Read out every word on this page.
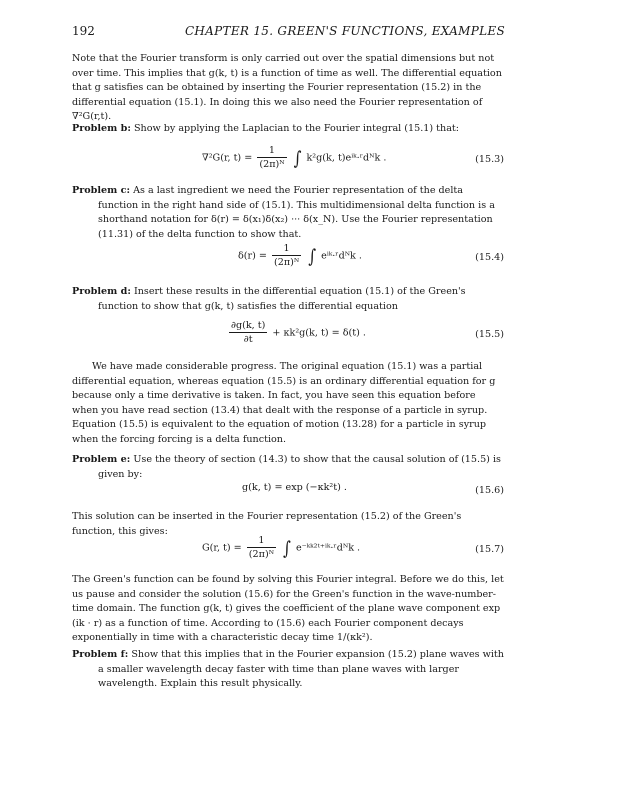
192	CHAPTER 15. GREEN'S FUNCTIONS, EXAMPLES
Note that the Fourier transform is only carried out over the spatial dimensions but not over time. This implies that g(k, t) is a function of time as well. The differential equation that g satisfies can be obtained by inserting the Fourier representation (15.2) in the differential equation (15.1). In doing this we also need the Fourier representation of ∇²G(r,t).
Problem b: Show by applying the Laplacian to the Fourier integral (15.1) that:
∇²G(r, $t) = \frac{1}{\text{(2π)ᴺ}}$ ∫ k²g(k, t)eⁱᵏ·ʳdᴺk .	(15.3)
Problem c: As a last ingredient we need the Fourier representation of the delta function in the right hand side of (15.1). This multidimensional delta function is a shorthand notation for δ(r) = δ(x₁)δ(x₂) ··· δ(x_N). Use the Fourier representation (11.31) of the delta function to show that.
$\delta(r) = \frac{1}{\text{(2π)ᴺ}}$ ∫ eⁱᵏ·ʳdᴺk .	(15.4)
Problem d: Insert these results in the differential equation (15.1) of the Green's function to show that g(k, t) satisfies the differential equation
$\frac{\partial g(k, t)}{\partial t} + \kappa k^2g(k$, t) = δ(t) .	(15.5)
We have made considerable progress. The original equation (15.1) was a partial differential equation, whereas equation (15.5) is an ordinary differential equation for g because only a time derivative is taken. In fact, you have seen this equation before when you have read section (13.4) that dealt with the response of a particle in syrup. Equation (15.5) is equivalent to the equation of motion (13.28) for a particle in syrup when the forcing forcing is a delta function.
Problem e: Use the theory of section (14.3) to show that the causal solution of (15.5) is given by:
g(k, t) = exp (−κk²t) .	(15.6)
This solution can be inserted in the Fourier representation (15.2) of the Green's function, this gives:
G(r, $t) = \frac{1}{\text{(2π)ᴺ}}$ ∫ e⁻ᵏᵏ²ᵗ⁺ⁱᵏ·ʳdᴺk .	(15.7)
The Green's function can be found by solving this Fourier integral. Before we do this, let us pause and consider the solution (15.6) for the Green's function in the wave-number-time domain. The function g(k, t) gives the coefficient of the plane wave component exp (ik · r) as a function of time. According to (15.6) each Fourier component decays exponentially in time with a characteristic decay time 1/(κk²).
Problem f: Show that this implies that in the Fourier expansion (15.2) plane waves with a smaller wavelength decay faster with time than plane waves with larger wavelength. Explain this result physically.
